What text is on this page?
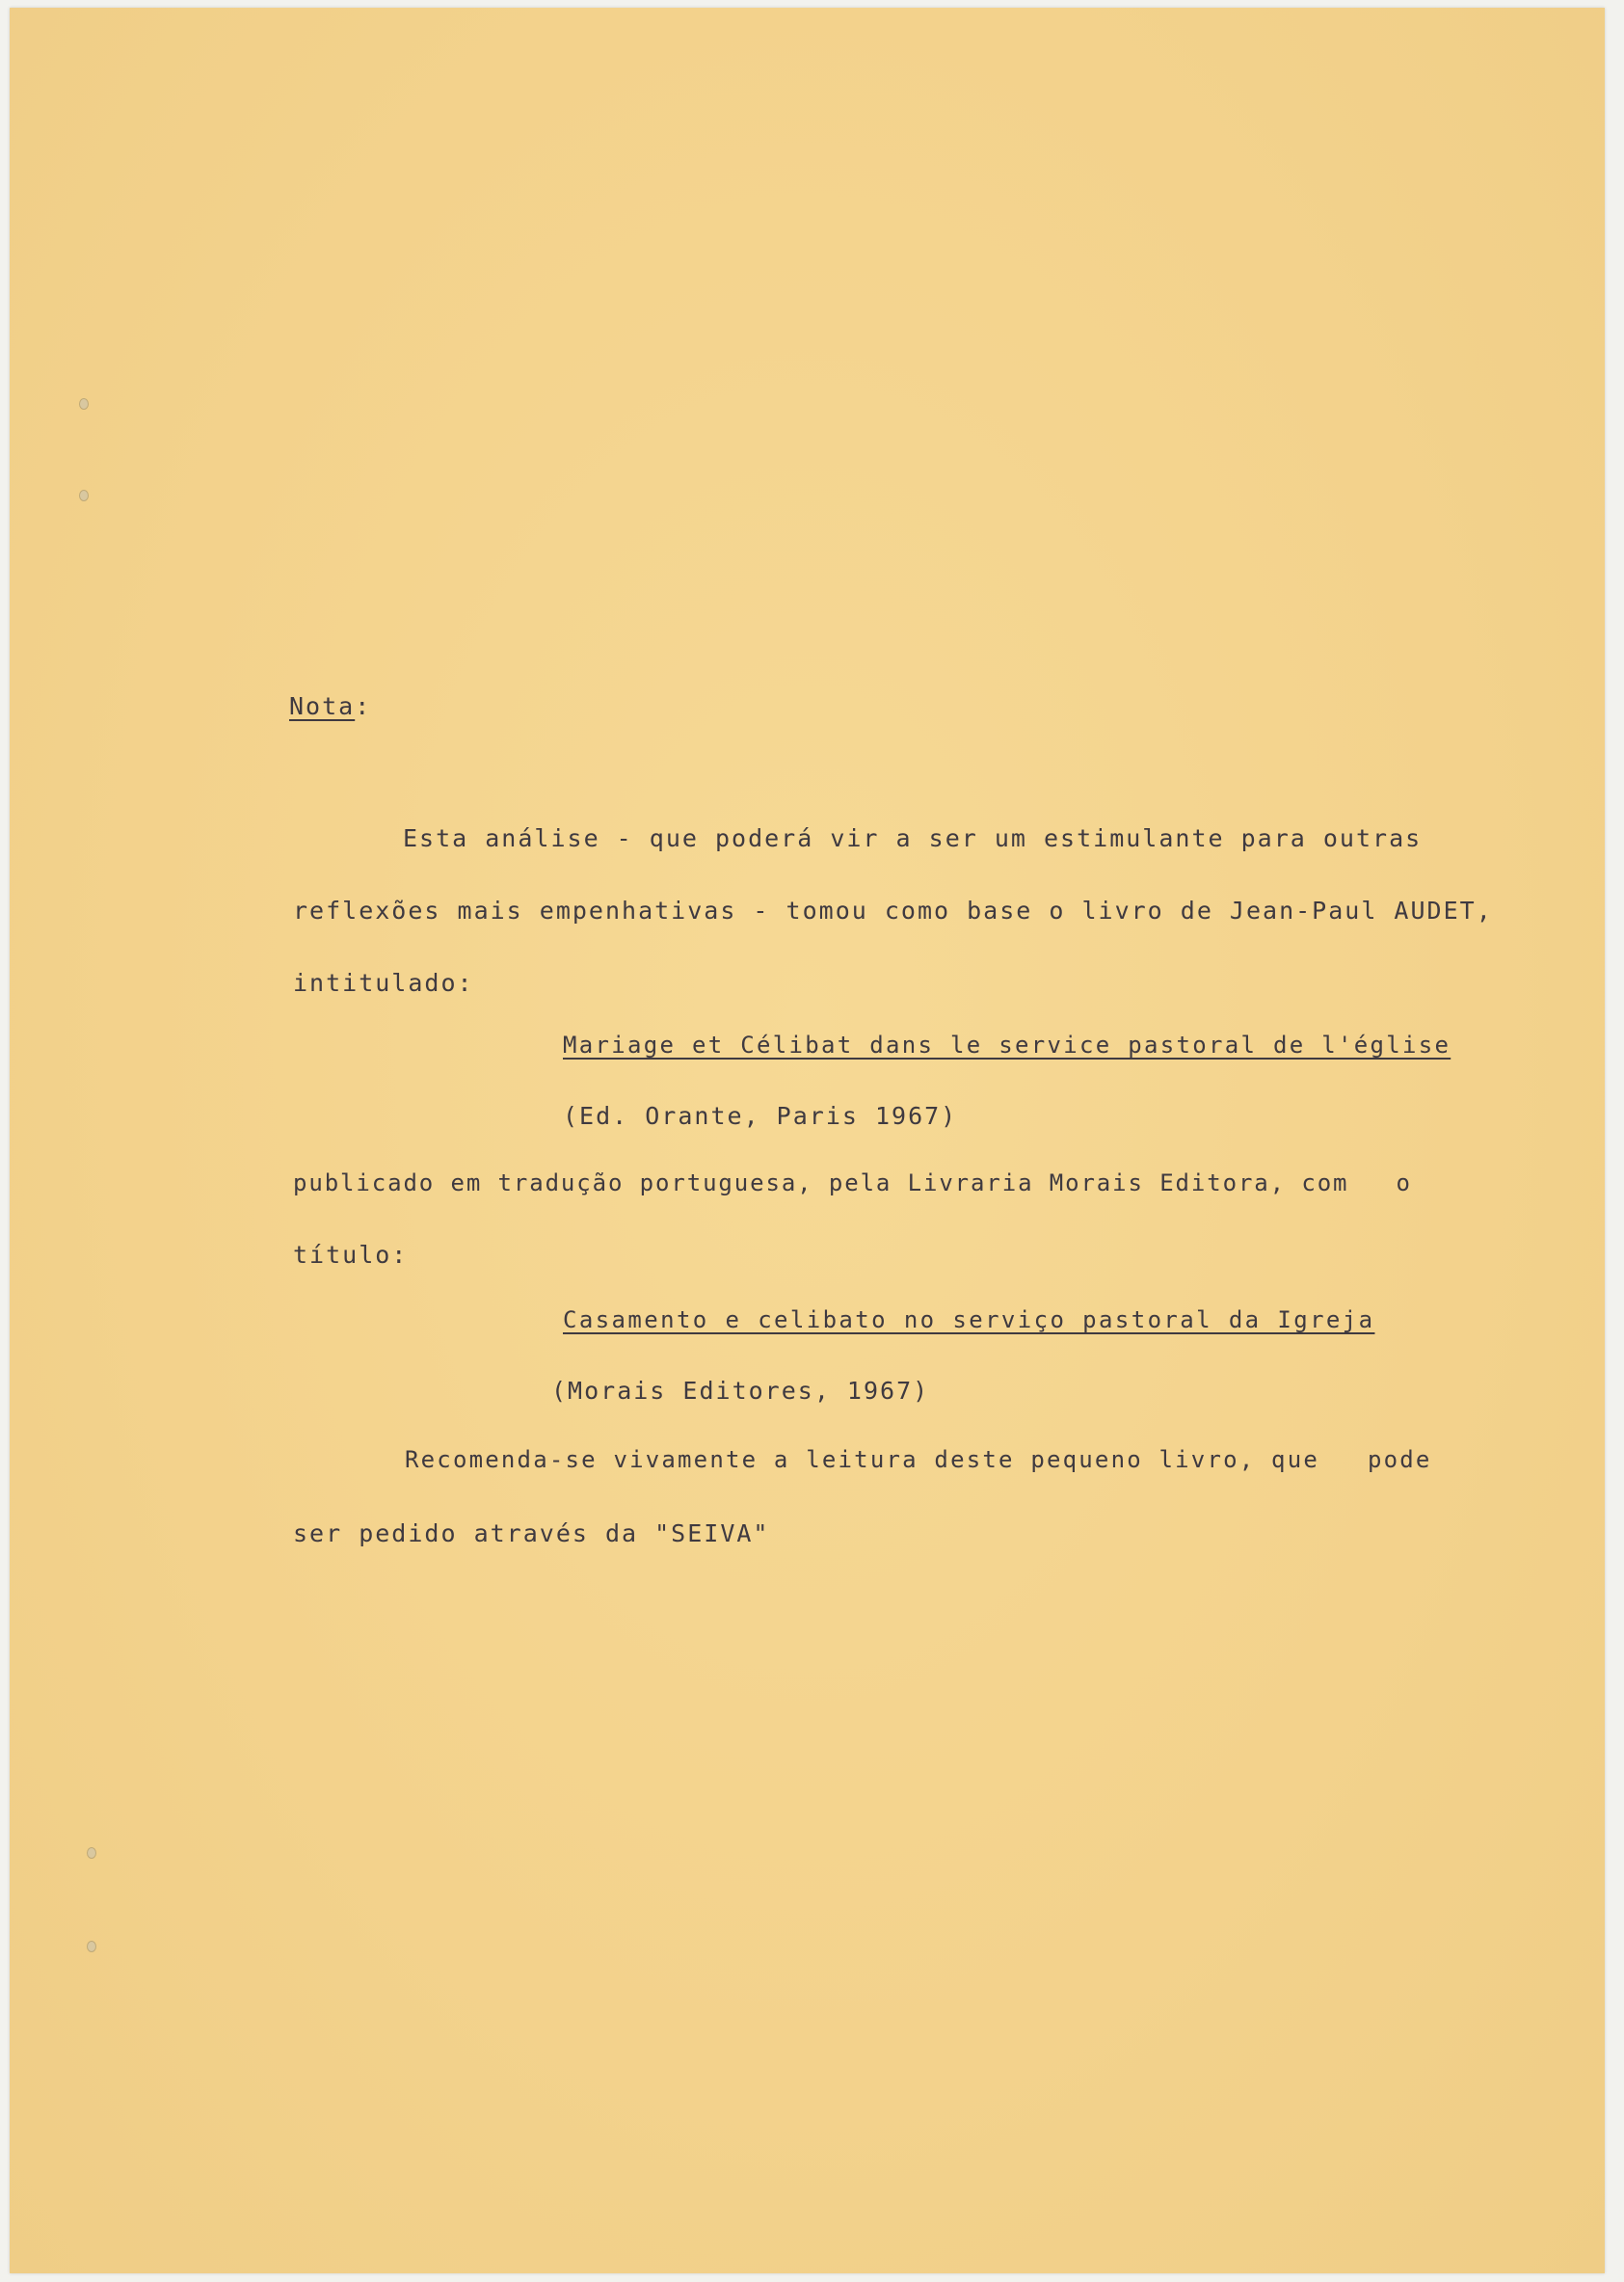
Nota:
Esta análise - que poderá vir a ser um estimulante para outras
reflexões mais empenhativas - tomou como base o livro de Jean-Paul AUDET,
intitulado:
Mariage et Célibat dans le service pastoral de l'église
(Ed. Orante, Paris 1967)
publicado em tradução portuguesa, pela Livraria Morais Editora, com   o
título:
Casamento e celibato no serviço pastoral da Igreja
(Morais Editores, 1967)
Recomenda-se vivamente a leitura deste pequeno livro, que   pode
ser pedido através da "SEIVA"
